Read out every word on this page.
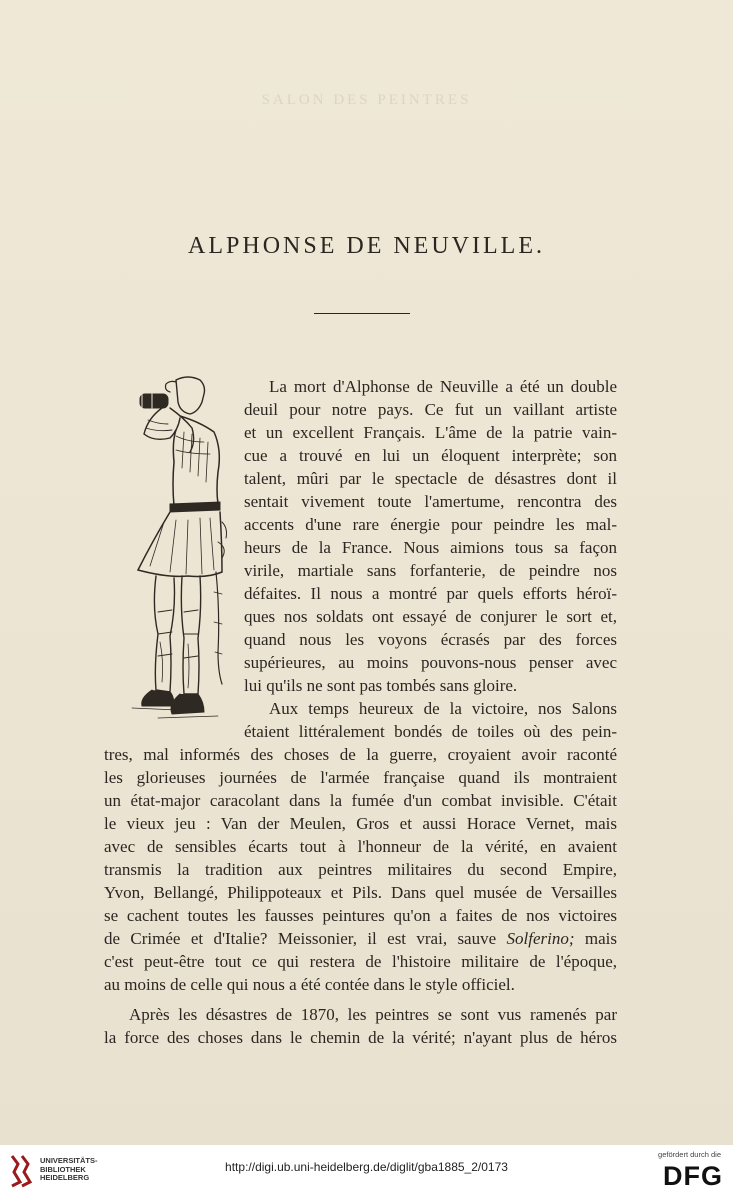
SALON DES PEINTRES
ALPHONSE DE NEUVILLE.
La mort d'Alphonse de Neuville a été un double
deuil pour notre pays. Ce fut un vaillant artiste
et un excellent Français. L'âme de la patrie vain-
cue a trouvé en lui un éloquent interprète; son
talent, mûri par le spectacle de désastres dont il
sentait vivement toute l'amertume, rencontra des
accents d'une rare énergie pour peindre les mal-
heurs de la France. Nous aimions tous sa façon
virile, martiale sans forfanterie, de peindre nos
défaites. Il nous a montré par quels efforts héroï-
ques nos soldats ont essayé de conjurer le sort et,
quand nous les voyons écrasés par des forces
supérieures, au moins pouvons-nous penser avec
lui qu'ils ne sont pas tombés sans gloire.
Aux temps heureux de la victoire, nos Salons
étaient littéralement bondés de toiles où des pein-
tres, mal informés des choses de la guerre, croyaient avoir raconté
les glorieuses journées de l'armée française quand ils montraient
un état-major caracolant dans la fumée d'un combat invisible. C'était
le vieux jeu : Van der Meulen, Gros et aussi Horace Vernet, mais
avec de sensibles écarts tout à l'honneur de la vérité, en avaient
transmis la tradition aux peintres militaires du second Empire,
Yvon, Bellangé, Philippoteaux et Pils. Dans quel musée de Versailles
se cachent toutes les fausses peintures qu'on a faites de nos victoires
de Crimée et d'Italie? Meissonier, il est vrai, sauve Solferino; mais
c'est peut-être tout ce qui restera de l'histoire militaire de l'époque,
au moins de celle qui nous a été contée dans le style officiel.
Après les désastres de 1870, les peintres se sont vus ramenés par
la force des choses dans le chemin de la vérité; n'ayant plus de héros
UNIVERSITÄTS-
BIBLIOTHEK
HEIDELBERG
http://digi.ub.uni-heidelberg.de/diglit/gba1885_2/0173
gefördert durch die
DFG
